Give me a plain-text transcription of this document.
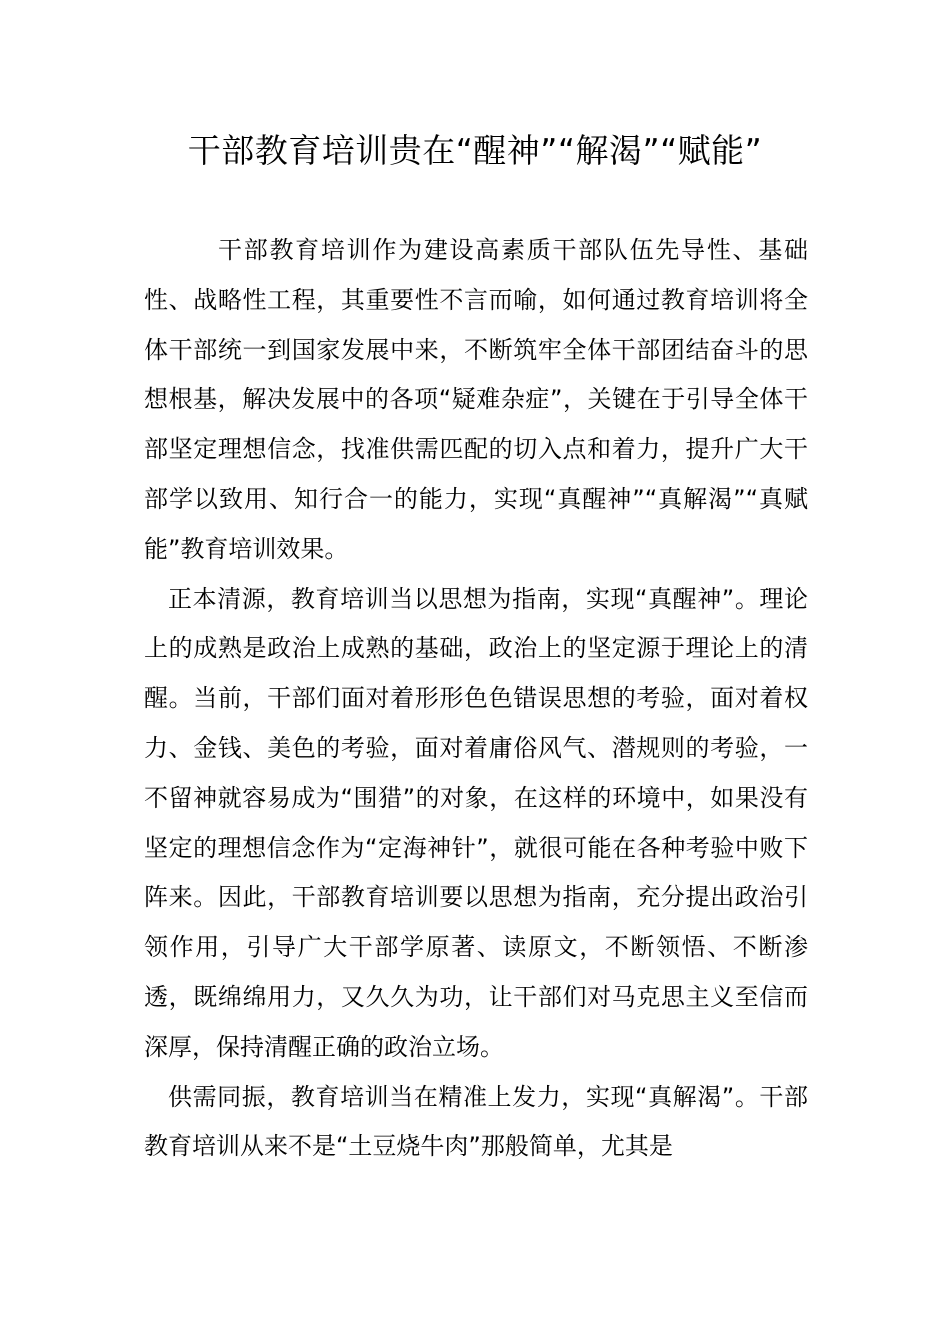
干部教育培训贵在“醒神”“解渴”“赋能”

干部教育培训作为建设高素质干部队伍先导性、基础性、战略性工程，其重要性不言而喻，如何通过教育培训将全体干部统一到国家发展中来，不断筑牢全体干部团结奋斗的思想根基，解决发展中的各项“疑难杂症”，关键在于引导全体干部坚定理想信念，找准供需匹配的切入点和着力，提升广大干部学以致用、知行合一的能力，实现“真醒神”“真解渴”“真赋能”教育培训效果。

正本清源，教育培训当以思想为指南，实现“真醒神”。理论上的成熟是政治上成熟的基础，政治上的坚定源于理论上的清醒。当前，干部们面对着形形色色错误思想的考验，面对着权力、金钱、美色的考验，面对着庸俗风气、潜规则的考验，一不留神就容易成为“围猎”的对象，在这样的环境中，如果没有坚定的理想信念作为“定海神针”，就很可能在各种考验中败下阵来。因此，干部教育培训要以思想为指南，充分提出政治引领作用，引导广大干部学原著、读原文，不断领悟、不断渗透，既绵绵用力，又久久为功，让干部们对马克思主义至信而深厚，保持清醒正确的政治立场。

供需同振，教育培训当在精准上发力，实现“真解渴”。干部教育培训从来不是“土豆烧牛肉”那般简单，尤其是
